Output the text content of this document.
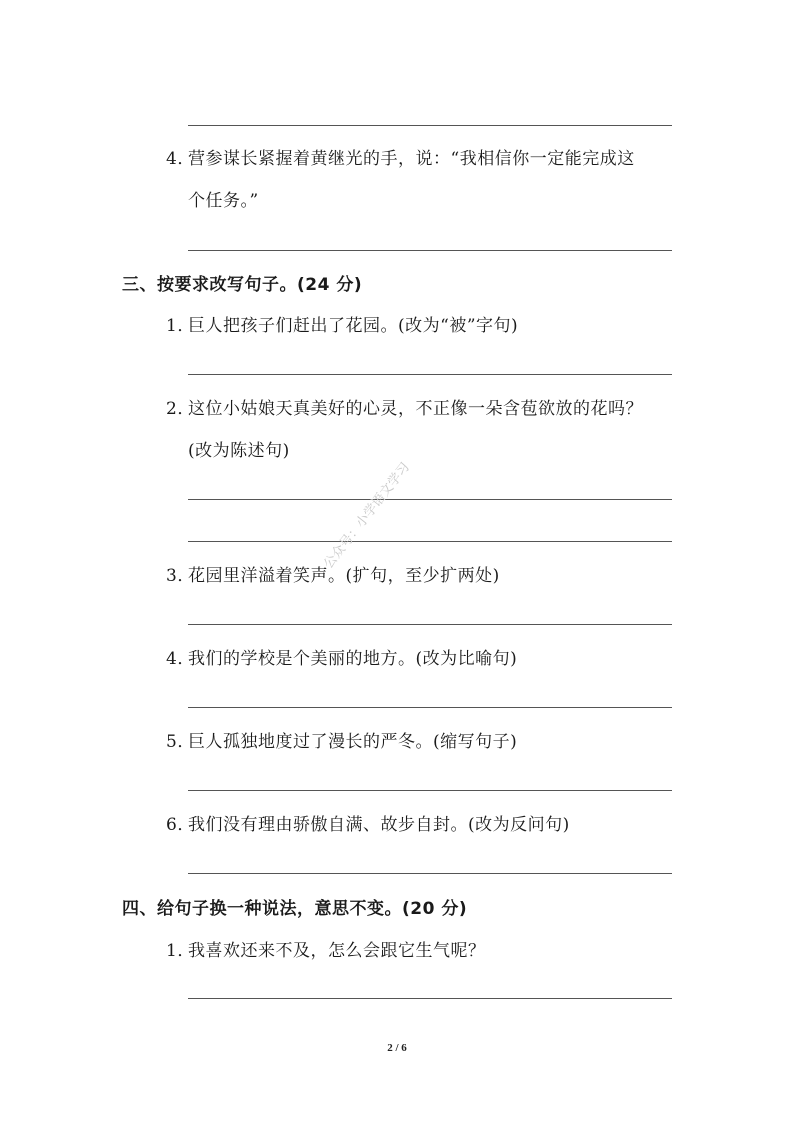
4．营参谋长紧握着黄继光的手，说：“我相信你一定能完成这
个任务。”
三、按要求改写句子。(24 分)
1．巨人把孩子们赶出了花园。(改为“被”字句)
2．这位小姑娘天真美好的心灵，不正像一朵含苞欲放的花吗？
(改为陈述句)
3．花园里洋溢着笑声。(扩句，至少扩两处)
4．我们的学校是个美丽的地方。(改为比喻句)
5．巨人孤独地度过了漫长的严冬。(缩写句子)
6．我们没有理由骄傲自满、故步自封。(改为反问句)
四、给句子换一种说法，意思不变。(20 分)
1．我喜欢还来不及，怎么会跟它生气呢？
公众号：小学语文学习
2 / 6
